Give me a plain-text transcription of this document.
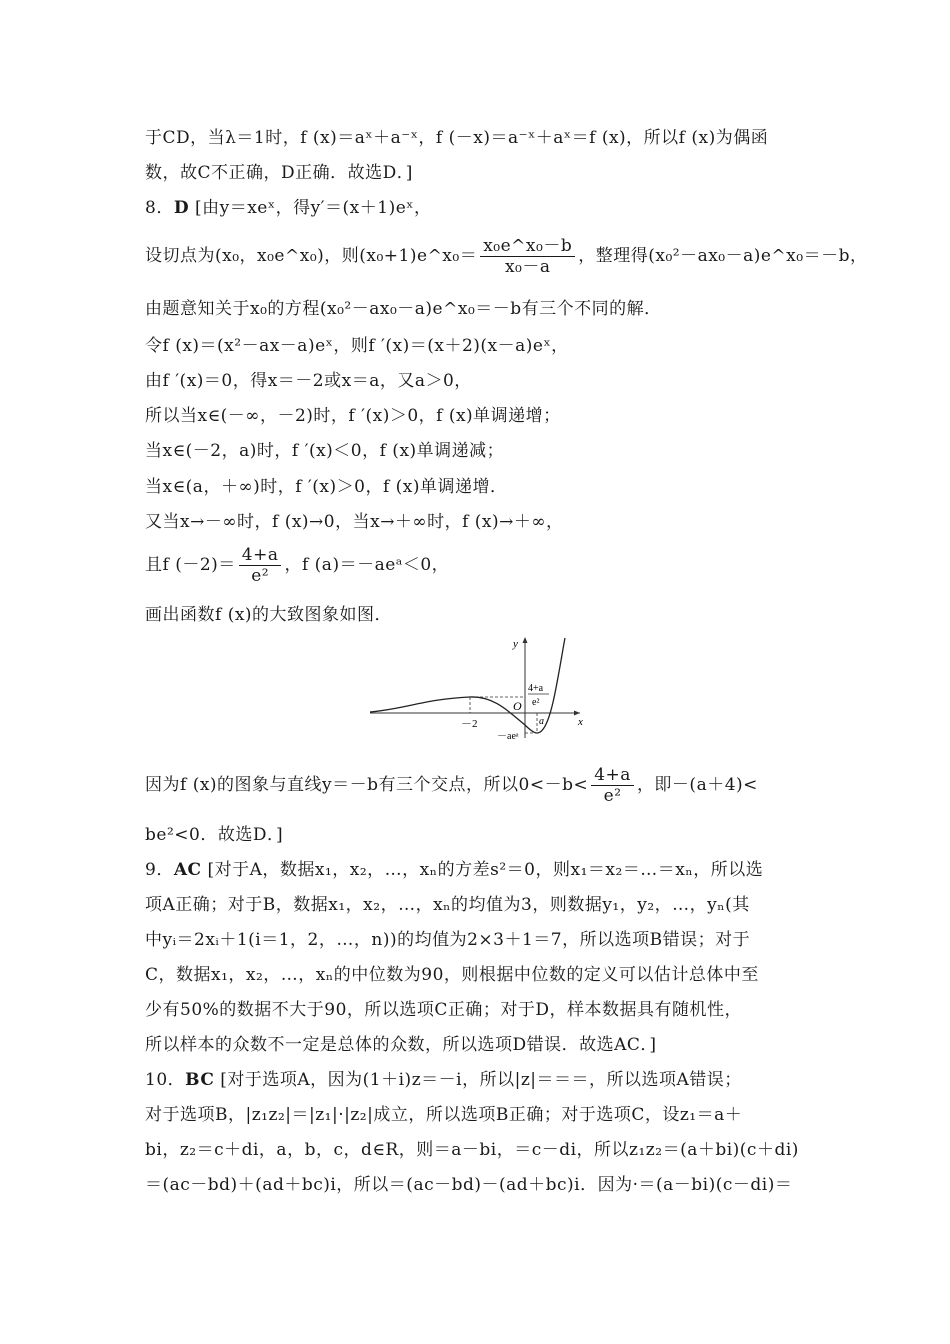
于CD，当λ＝1时，f (x)＝aˣ＋a⁻ˣ，f (－x)＝a⁻ˣ＋aˣ＝f (x)，所以f (x)为偶函
数，故C不正确，D正确．故选D．]
8．D [由y＝xeˣ，得y′＝(x＋1)eˣ，
设切点为(x₀，x₀e^x₀)，则(x₀+1)e^x₀＝ $\frac{\text{x₀e\textasciicircum{}x₀－b}}{\text{x₀－a}}$ ，整理得(x₀²－ax₀－a)e^x₀＝－b，
由题意知关于x₀的方程(x₀²－ax₀－a)e^x₀＝－b有三个不同的解．
令f (x)＝(x²－ax－a)eˣ，则f ′(x)＝(x＋2)(x－a)eˣ，
由f ′(x)＝0，得x＝－2或x＝a，又a＞0，
所以当x∈(－∞，－2)时，f ′(x)＞0，f (x)单调递增；
当x∈(－2，a)时，f ′(x)＜0，f (x)单调递减；
当x∈(a，＋∞)时，f ′(x)＞0，f (x)单调递增．
又当x→－∞时，f (x)→0，当x→＋∞时，f (x)→＋∞，
且f $(-2)= \frac{4+a}{\text{e²}}$ ，f (a)＝－aeᵃ＜0，
画出函数f (x)的大致图象如图．
y
x
O
－2
4+a
e²
a
－aeᵃ
因为f (x)的图象与直线y＝－b有三个交点，所以$0<-b< \frac{4+a}{\text{e²}}$ ，即－(a＋4)<
be²<0．故选D．]
9．AC [对于A，数据x₁，x₂，…，xₙ的方差s²＝0，则x₁＝x₂＝…＝xₙ，所以选
项A正确；对于B，数据x₁，x₂，…，xₙ的均值为3，则数据y₁，y₂，…，yₙ(其
中yᵢ＝2xᵢ＋1(i＝1，2，…，n))的均值为2×3＋1＝7，所以选项B错误；对于
C，数据x₁，x₂，…，xₙ的中位数为90，则根据中位数的定义可以估计总体中至
少有50%的数据不大于90，所以选项C正确；对于D，样本数据具有随机性，
所以样本的众数不一定是总体的众数，所以选项D错误．故选AC．]
10．BC [对于选项A，因为(1＋i)z＝－i，所以|z|＝＝＝，所以选项A错误；
对于选项B，|z₁z₂|＝|z₁|·|z₂|成立，所以选项B正确；对于选项C，设z₁＝a＋
bi，z₂＝c＋di，a，b，c，d∈R，则＝a－bi，＝c－di，所以z₁z₂＝(a＋bi)(c＋di)
＝(ac－bd)＋(ad＋bc)i，所以＝(ac－bd)－(ad＋bc)i．因为·＝(a－bi)(c－di)＝
